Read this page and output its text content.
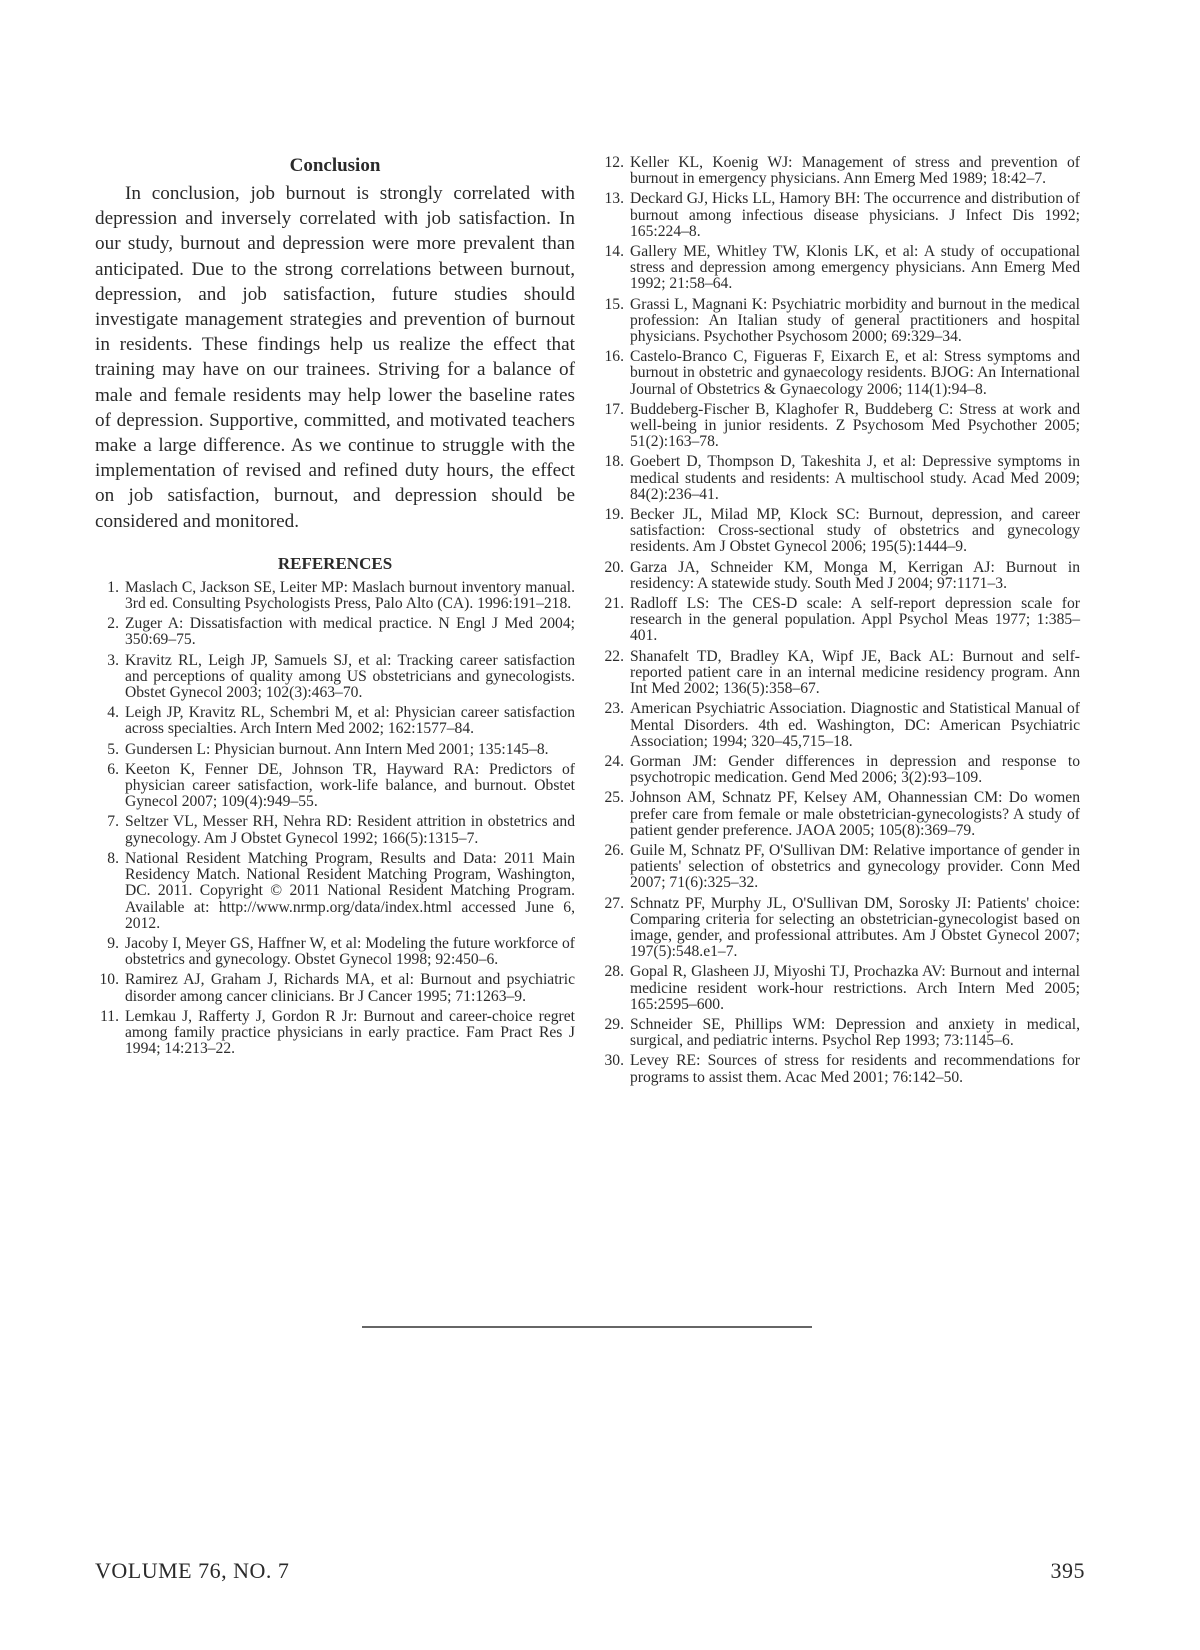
Conclusion

In conclusion, job burnout is strongly correlated with depression and inversely correlated with job satisfaction. In our study, burnout and depression were more prevalent than anticipated. Due to the strong correlations between burnout, depression, and job satisfaction, future studies should investigate management strategies and prevention of burnout in residents. These findings help us realize the effect that training may have on our trainees. Striving for a balance of male and female residents may help lower the baseline rates of depression. Supportive, committed, and motivated teachers make a large difference. As we continue to struggle with the implementation of revised and refined duty hours, the effect on job satisfaction, burnout, and depression should be considered and monitored.

REFERENCES
1. Maslach C, Jackson SE, Leiter MP: Maslach burnout inventory manual. 3rd ed. Consulting Psychologists Press, Palo Alto (CA). 1996:191–218.
2. Zuger A: Dissatisfaction with medical practice. N Engl J Med 2004; 350:69–75.
3. Kravitz RL, Leigh JP, Samuels SJ, et al: Tracking career satisfaction and perceptions of quality among US obstetricians and gynecologists. Obstet Gynecol 2003; 102(3):463–70.
4. Leigh JP, Kravitz RL, Schembri M, et al: Physician career satisfaction across specialties. Arch Intern Med 2002; 162:1577–84.
5. Gundersen L: Physician burnout. Ann Intern Med 2001; 135:145–8.
6. Keeton K, Fenner DE, Johnson TR, Hayward RA: Predictors of physician career satisfaction, work-life balance, and burnout. Obstet Gynecol 2007; 109(4):949–55.
7. Seltzer VL, Messer RH, Nehra RD: Resident attrition in obstetrics and gynecology. Am J Obstet Gynecol 1992; 166(5):1315–7.
8. National Resident Matching Program, Results and Data: 2011 Main Residency Match. National Resident Matching Program, Washington, DC. 2011. Copyright © 2011 National Resident Matching Program. Available at: http://www.nrmp.org/data/index.html accessed June 6, 2012.
9. Jacoby I, Meyer GS, Haffner W, et al: Modeling the future workforce of obstetrics and gynecology. Obstet Gynecol 1998; 92:450–6.
10. Ramirez AJ, Graham J, Richards MA, et al: Burnout and psychiatric disorder among cancer clinicians. Br J Cancer 1995; 71:1263–9.
11. Lemkau J, Rafferty J, Gordon R Jr: Burnout and career-choice regret among family practice physicians in early practice. Fam Pract Res J 1994; 14:213–22.
12. Keller KL, Koenig WJ: Management of stress and prevention of burnout in emergency physicians. Ann Emerg Med 1989; 18:42–7.
13. Deckard GJ, Hicks LL, Hamory BH: The occurrence and distribution of burnout among infectious disease physicians. J Infect Dis 1992; 165:224–8.
14. Gallery ME, Whitley TW, Klonis LK, et al: A study of occupational stress and depression among emergency physicians. Ann Emerg Med 1992; 21:58–64.
15. Grassi L, Magnani K: Psychiatric morbidity and burnout in the medical profession: An Italian study of general practitioners and hospital physicians. Psychother Psychosom 2000; 69:329–34.
16. Castelo-Branco C, Figueras F, Eixarch E, et al: Stress symptoms and burnout in obstetric and gynaecology residents. BJOG: An International Journal of Obstetrics & Gynaecology 2006; 114(1):94–8.
17. Buddeberg-Fischer B, Klaghofer R, Buddeberg C: Stress at work and well-being in junior residents. Z Psychosom Med Psychother 2005; 51(2):163–78.
18. Goebert D, Thompson D, Takeshita J, et al: Depressive symptoms in medical students and residents: A multischool study. Acad Med 2009; 84(2):236–41.
19. Becker JL, Milad MP, Klock SC: Burnout, depression, and career satisfaction: Cross-sectional study of obstetrics and gynecology residents. Am J Obstet Gynecol 2006; 195(5):1444–9.
20. Garza JA, Schneider KM, Monga M, Kerrigan AJ: Burnout in residency: A statewide study. South Med J 2004; 97:1171–3.
21. Radloff LS: The CES-D scale: A self-report depression scale for research in the general population. Appl Psychol Meas 1977; 1:385–401.
22. Shanafelt TD, Bradley KA, Wipf JE, Back AL: Burnout and self-reported patient care in an internal medicine residency program. Ann Int Med 2002; 136(5):358–67.
23. American Psychiatric Association. Diagnostic and Statistical Manual of Mental Disorders. 4th ed. Washington, DC: American Psychiatric Association; 1994; 320–45,715–18.
24. Gorman JM: Gender differences in depression and response to psychotropic medication. Gend Med 2006; 3(2):93–109.
25. Johnson AM, Schnatz PF, Kelsey AM, Ohannessian CM: Do women prefer care from female or male obstetrician-gynecologists? A study of patient gender preference. JAOA 2005; 105(8):369–79.
26. Guile M, Schnatz PF, O'Sullivan DM: Relative importance of gender in patients' selection of obstetrics and gynecology provider. Conn Med 2007; 71(6):325–32.
27. Schnatz PF, Murphy JL, O'Sullivan DM, Sorosky JI: Patients' choice: Comparing criteria for selecting an obstetrician-gynecologist based on image, gender, and professional attributes. Am J Obstet Gynecol 2007; 197(5):548.e1–7.
28. Gopal R, Glasheen JJ, Miyoshi TJ, Prochazka AV: Burnout and internal medicine resident work-hour restrictions. Arch Intern Med 2005; 165:2595–600.
29. Schneider SE, Phillips WM: Depression and anxiety in medical, surgical, and pediatric interns. Psychol Rep 1993; 73:1145–6.
30. Levey RE: Sources of stress for residents and recommendations for programs to assist them. Acac Med 2001; 76:142–50.
VOLUME 76, NO. 7	395
